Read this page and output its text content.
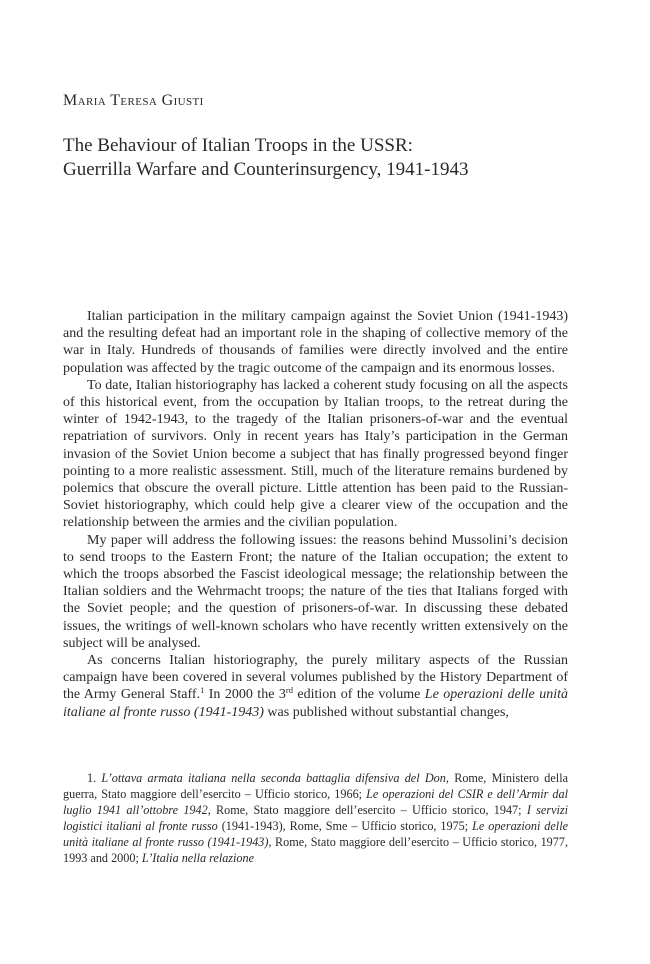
Maria Teresa Giusti
The Behaviour of Italian Troops in the USSR:
Guerrilla Warfare and Counterinsurgency, 1941-1943

Italian participation in the military campaign against the Soviet Union (1941-1943) and the resulting defeat had an important role in the shaping of collective memory of the war in Italy. Hundreds of thousands of families were directly involved and the entire population was affected by the tragic outcome of the campaign and its enormous losses.

To date, Italian historiography has lacked a coherent study focusing on all the aspects of this historical event, from the occupation by Italian troops, to the retreat during the winter of 1942-1943, to the tragedy of the Italian prisoners-of-war and the eventual repatriation of survivors. Only in recent years has Italy’s participation in the German invasion of the Soviet Union become a subject that has finally progressed beyond finger pointing to a more realistic assessment. Still, much of the literature remains burdened by polemics that obscure the overall picture. Little attention has been paid to the Russian-Soviet historiography, which could help give a clearer view of the occupation and the relationship between the armies and the civilian population.

My paper will address the following issues: the reasons behind Mussolini’s decision to send troops to the Eastern Front; the nature of the Italian occupation; the extent to which the troops absorbed the Fascist ideological message; the relationship between the Italian soldiers and the Wehrmacht troops; the nature of the ties that Italians forged with the Soviet people; and the question of prisoners-of-war. In discussing these debated issues, the writings of well-known scholars who have recently written extensively on the subject will be analysed.

As concerns Italian historiography, the purely military aspects of the Russian campaign have been covered in several volumes published by the History Department of the Army General Staff.$^1$ In 2000 the 3rd edition of the volume Le operazioni delle unità italiane al fronte russo (1941-1943) was published without substantial changes,

1. L’ottava armata italiana nella seconda battaglia difensiva del Don, Rome, Ministero della guerra, Stato maggiore dell’esercito – Ufficio storico, 1966; Le operazioni del CSIR e dell’Armir dal luglio 1941 all’ottobre 1942, Rome, Stato maggiore dell’esercito – Ufficio storico, 1947; I servizi logistici italiani al fronte russo (1941-1943), Rome, Sme – Ufficio storico, 1975; Le operazioni delle unità italiane al fronte russo (1941-1943), Rome, Stato maggiore dell’esercito – Ufficio storico, 1977, 1993 and 2000; L’Italia nella relazione
